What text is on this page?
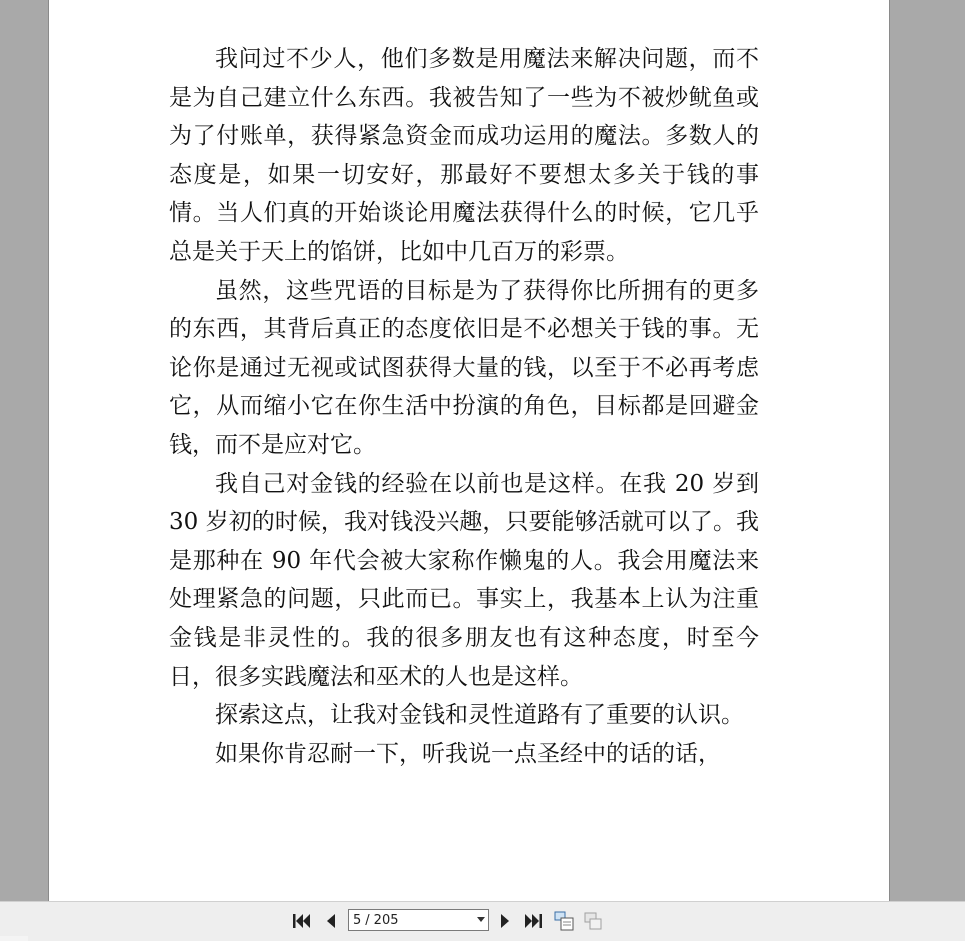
我问过不少人，他们多数是用魔法来解决问题，而不是为自己建立什么东西。我被告知了一些为不被炒鱿鱼或为了付账单，获得紧急资金而成功运用的魔法。多数人的态度是，如果一切安好，那最好不要想太多关于钱的事情。当人们真的开始谈论用魔法获得什么的时候，它几乎总是关于天上的馅饼，比如中几百万的彩票。

虽然，这些咒语的目标是为了获得你比所拥有的更多的东西，其背后真正的态度依旧是不必想关于钱的事。无论你是通过无视或试图获得大量的钱，以至于不必再考虑它，从而缩小它在你生活中扮演的角色，目标都是回避金钱，而不是应对它。

我自己对金钱的经验在以前也是这样。在我 20 岁到 30 岁初的时候，我对钱没兴趣，只要能够活就可以了。我是那种在 90 年代会被大家称作懒鬼的人。我会用魔法来处理紧急的问题，只此而已。事实上，我基本上认为注重金钱是非灵性的。我的很多朋友也有这种态度，时至今日，很多实践魔法和巫术的人也是这样。

探索这点，让我对金钱和灵性道路有了重要的认识。

如果你肯忍耐一下，听我说一点圣经中的话的话，

5 / 205
